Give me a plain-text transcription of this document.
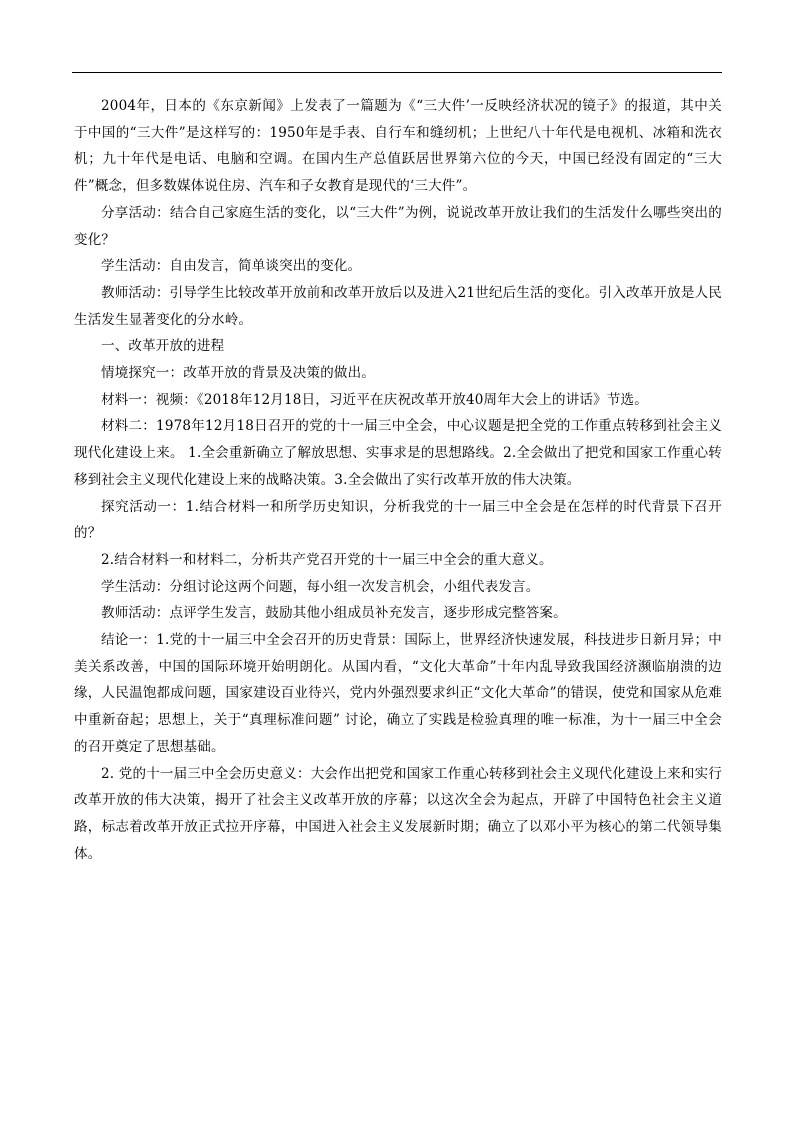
2004年，日本的《东京新闻》上发表了一篇题为《“三大件’一反映经济状况的镜子》的报道，其中关于中国的“三大件”是这样写的：1950年是手表、自行车和缝纫机；上世纪八十年代是电视机、冰箱和洗衣机；九十年代是电话、电脑和空调。在国内生产总值跃居世界第六位的今天，中国已经没有固定的“三大件”概念，但多数媒体说住房、汽车和子女教育是现代的‘三大件”。

分享活动：结合自己家庭生活的变化，以“三大件”为例，说说改革开放让我们的生活发什么哪些突出的变化？

学生活动：自由发言，简单谈突出的变化。

教师活动：引导学生比较改革开放前和改革开放后以及进入21世纪后生活的变化。引入改革开放是人民生活发生显著变化的分水岭。

一、改革开放的进程

情境探究一：改革开放的背景及决策的做出。

材料一：视频：《2018年12月18日，习近平在庆祝改革开放40周年大会上的讲话》节选。

材料二：1978年12月18日召开的党的十一届三中全会，中心议题是把全党的工作重点转移到社会主义现代化建设上来。 1.全会重新确立了解放思想、实事求是的思想路线。2.全会做出了把党和国家工作重心转移到社会主义现代化建设上来的战略决策。3.全会做出了实行改革开放的伟大决策。

探究活动一：1.结合材料一和所学历史知识，分析我党的十一届三中全会是在怎样的时代背景下召开的？

2.结合材料一和材料二，分析共产党召开党的十一届三中全会的重大意义。

学生活动：分组讨论这两个问题，每小组一次发言机会，小组代表发言。

教师活动：点评学生发言，鼓励其他小组成员补充发言，逐步形成完整答案。

结论一：1.党的十一届三中全会召开的历史背景：国际上，世界经济快速发展，科技进步日新月异；中美关系改善，中国的国际环境开始明朗化。从国内看，“文化大革命”十年内乱导致我国经济濒临崩溃的边缘，人民温饱都成问题，国家建设百业待兴，党内外强烈要求纠正“文化大革命”的错误，使党和国家从危难中重新奋起；思想上，关于“真理标准问题” 讨论，确立了实践是检验真理的唯一标准，为十一届三中全会的召开奠定了思想基础。

2. 党的十一届三中全会历史意义：大会作出把党和国家工作重心转移到社会主义现代化建设上来和实行改革开放的伟大决策，揭开了社会主义改革开放的序幕；以这次全会为起点，开辟了中国特色社会主义道路，标志着改革开放正式拉开序幕，中国进入社会主义发展新时期；确立了以邓小平为核心的第二代领导集体。
